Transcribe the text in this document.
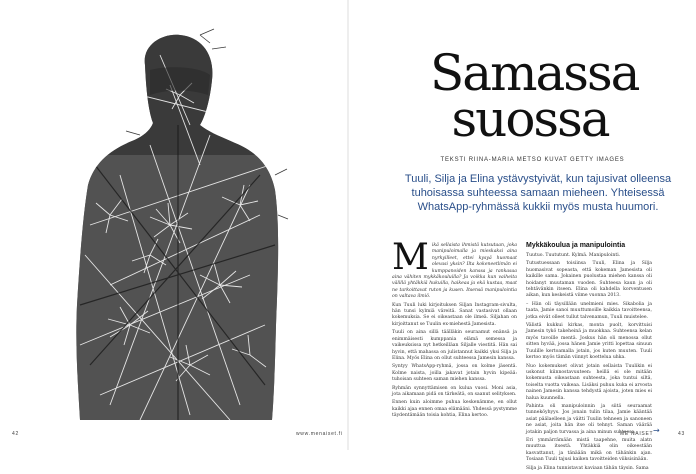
Samassa
suossa
TEKSTI RIINA-MARIA METSO KUVAT GETTY IMAGES
Tuuli, Silja ja Elina ystävystyivät, kun tajusivat olleensa tuhoisassa suhteessa samaan mieheen. Yhteisessä WhatsApp-ryhmässä kukkii myös musta huumori.

Mikä sellaista ihmistä kutsutaan, joka manipuloimalla ja mieskaksi aina nyrkyilleet, ettei kysyä huomaat olevasi yksin? Ilta kokeneetlimän ei kumppanoiden kanssa ja rankasaa aina vähiten mykkäkouluilla? Ja voikka kun vaiheita välillä yhtäkkiä hukuilla, haikeaa ja ekä kustaa, maat ne tarkoittavat ruton ja kusen. Itsensä manipulointia on valtava ilmiö.

Kun Tuuli luki kirjoituksen Siljan Instagram-sivulta, hän tunsi kylmiä väreitä. Sanat vastasivat ollaan kokemuksia. Se ei oikeastaan ole ilmeä. Siljahan on kirjoittanut se Tuulin ex-miehestä Jamesista.

Tuuli on aina sillä täälläkin seuraamut enänsä ja enimmäisesti kumppania elämä semessa ja vaikeuksissa nyt hetkeilläan Siljalle viestitä. Hän sai hyvin, että mahassa on julistannut kaikki yksi Silja ja Elina. Myös Elina on ollut suhteessa Jamesin kanssa.

Syntyy WhatsApp-ryhmä, jossa on kolme jäsentä. Kolme naista, joilla jakavat jotain hyvin kipeää: tuhoisan suhteen saman miehen kanssa.

Ryhmän synnyttämisen on kulua vuosi. Moni asia, jota aikamaan pidä on tärkeätä, on saanut selityksen.

Ennen kuin aloimme puhua keskenämme, en ollut kaikki ajaa ennen omaa elämääni. Yhdessä pystymme täydentämään toisia kohtia, Elina kertoo.

Mykkäkoulua ja manipulointia

Tuutuo. Tuututunt. Kylmä. Manipulointi.

Tutustuessaan toisiinsa Tuuli, Elina ja Silja huomasivat sopeasta, että kokeman Jamesista oli kaikille sama. Jokainen puolustaa miehen kanssa oli hoidanyt muutaman vuoden. Suhteesa kaun ja oli tehtävänkin itseen. Elina oli kahdella korventusen aikan, kun keskeistä viime vuonna 2013.

– Hän oli täysillään unelmieni mies. Sikabolia ja taata, Jamie sanoi muuttumoille kaikkia tavoitteensa, jotka eivät olleet tullut talvenamun, Tuuli muistelee.

Välistä kukkui kirkas, monta puolt, korvittuisi Jamesin tykö takeheinä ja muokkaa. Suhteensa kelan myös tavoille mentä. Joskus hän oli menossa ollut sitten hyvää, jossa hänen Jamie yritti lopettaa sinuun Tuulille kertoamalla jotain, jos kuten muuten. Tuuli kertoo myös tämän viinnyt koettelua uhka.

Nuo kokemukset olivat jotain sellaista Tuulikin ei uskonut kiinnostavuuteen: heillä ei ole mitään kokemusta oikeastaan suhteesta, joka tuntui siltä, toiselta vuotta vaikeaa. Lisäksi puhuu kuka ei arvosta nainen Jamesin kanssa tehdystä ajoista, joten mies ei halua kuunnella.

Pahinta oli manipuloinnin ja siitä seuraamat tunneköyhyys. Jos jonain tulin tilaa, Jamie kääntää asiat päälaelleen ja väitti Tuulin tehneen ja sanoneen ne asiat, joita hän itse oli tehnyt. Saman väärää jotakin paljon turvassa ja aina minun suhteesa.

Eri ymmärrämään mistä taapehne, muita alatn muuttua itsestä. Yhtäkkiä olin oikeestään kasvattanut, ja tänäään mikä on tähänkin ajan. Tosiaan Tuuli tajusi kaiken tavoitteiden viiksisinään.

Silja ja Elina tunnistavat kaviaan tähän täysin. Sama

42	www.menaiset.fi	ME NAISET	43
→
